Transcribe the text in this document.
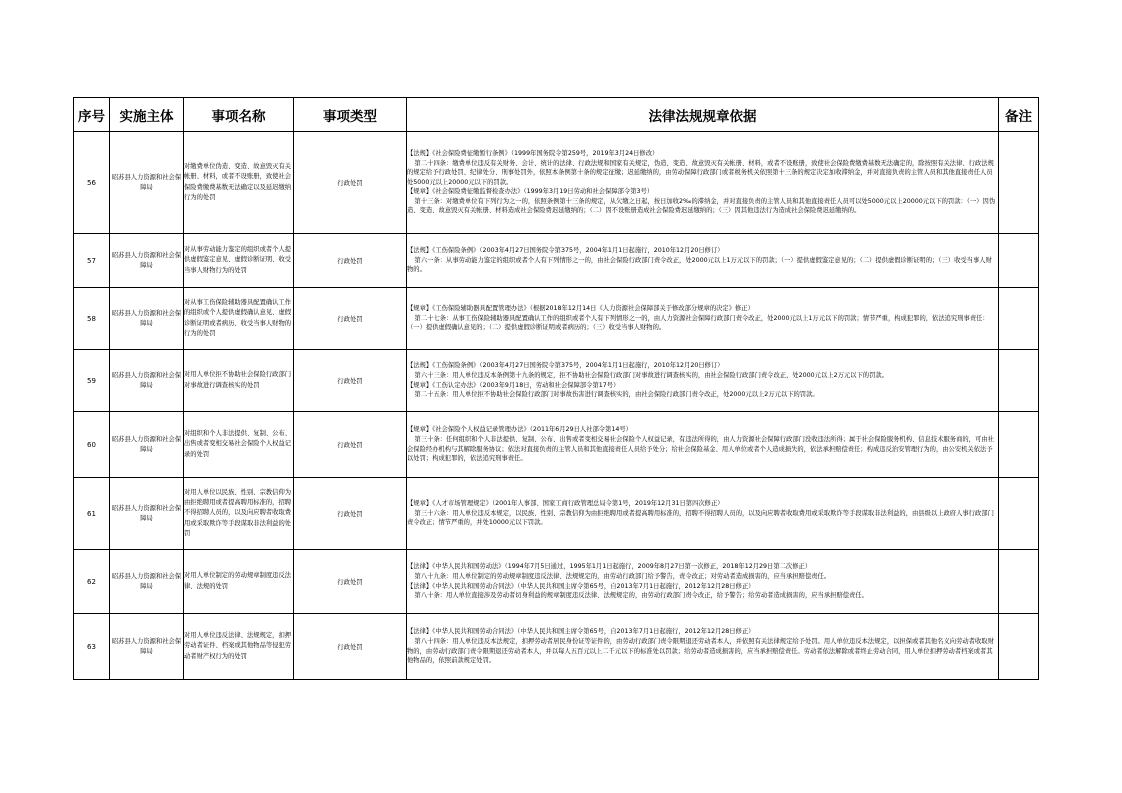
序号	实施主体	事项名称	事项类型	法律法规规章依据	备注
56	昭苏县人力资源和社会保障局	对缴费单位伪造、变造、故意毁灭有关帐册、材料，或者不设账册，致使社会保险费缴费基数无法确定以及延迟缴纳行为的处罚	行政处罚	【法规】《社会保险费征缴暂行条例》（1999年国务院令第259号，2019年3月24日修改）
第二十四条：缴费单位违反有关财务、会计、统计的法律、行政法规和国家有关规定，伪造、变造、故意毁灭有关帐册、材料，或者不设账册，致使社会保险费缴费基数无法确定的，除按照有关法律、行政法规的规定给予行政处罚、纪律处分、刑事处罚外，依照本条例第十条的规定征缴；迟延缴纳的，由劳动保障行政部门或者税务机关依照第十三条的规定决定加收滞纳金，并对直接负责的主管人员和其他直接责任人员处5000元以上20000元以下的罚款。
【规章】《社会保险费征缴监督检查办法》（1999年3月19日劳动和社会保障部令第3号）
第十三条：对缴费单位有下列行为之一的，依照条例第十三条的规定，从欠缴之日起，按日加收2‰的滞纳金，并对直接负责的主管人员和其他直接责任人员可以处5000元以上20000元以下的罚款：（一）因伪造、变造、故意毁灭有关帐册、材料造成社会保险费迟延缴纳的；（二）因不设账册造成社会保险费迟延缴纳的；（三）因其他违法行为造成社会保险费迟延缴纳的。	

57	昭苏县人力资源和社会保障局	对从事劳动能力鉴定的组织或者个人提供虚假鉴定意见、虚假诊断证明、收受当事人财物行为的处罚	行政处罚	【法规】《工伤保险条例》（2003年4月27日国务院令第375号，2004年1月1日起施行，2010年12月20日修订）
第六一条：从事劳动能力鉴定的组织或者个人有下列情形之一的，由社会保险行政部门责令改正，处2000元以上1万元以下的罚款；（一）提供虚假鉴定意见的；（二）提供虚假诊断证明的；（三）收受当事人财物的。	

58	昭苏县人力资源和社会保障局	对从事工伤保险辅助器具配置确认工作的组织或个人提供虚假确认意见、虚假诊断证明或者病历、收受当事人财物的行为的处罚	行政处罚	【规章】《工伤保险辅助器具配置管理办法》（根据2018年12月14日《人力资源社会保障部关于修改部分规章的决定》修正）
第二十七条：从事工伤保险辅助器具配置确认工作的组织或者个人有下列情形之一的，由人力资源社会保障行政部门责令改正，处2000元以上1万元以下的罚款；情节严重，构成犯罪的，依法追究刑事责任：（一）提供虚假确认意见的；（二）提供虚假诊断证明或者病历的；（三）收受当事人财物的。	

59	昭苏县人力资源和社会保障局	对用人单位拒不协助社会保险行政部门对事故进行调查核实的处罚	行政处罚	【法规】《工伤保险条例》（2003年4月27日国务院令第375号，2004年1月1日起施行，2010年12月20日修订）
第六十三条：用人单位违反本条例第十九条的规定，拒不协助社会保险行政部门对事故进行调查核实的，由社会保险行政部门责令改正，处2000元以上2万元以下的罚款。
【规章】《工伤认定办法》（2003年9月18日，劳动和社会保障部令第17号）
第二十五条：用人单位拒不协助社会保险行政部门对事故伤害进行调查核实的，由社会保险行政部门责令改正，处2000元以上2万元以下的罚款。	

60	昭苏县人力资源和社会保障局	对组织和个人非法提供、复制、公布、出售或者变相交易社会保险个人权益记录的处罚	行政处罚	【规章】《社会保险个人权益记录管理办法》（2011年6月29日人社部令第14号）
第三十条：任何组织和个人非法提供、复制、公布、出售或者变相交易社会保险个人权益记录，有违法所得的，由人力资源社会保障行政部门没收违法所得；属于社会保险服务机构、信息技术服务商的，可由社会保险经办机构与其解除服务协议；依法对直接负责的主管人员和其他直接责任人员给予处分；给社会保险基金、用人单位或者个人造成损失的，依法承担赔偿责任；构成违反治安管理行为的，由公安机关依法予以处罚；构成犯罪的，依法追究刑事责任。	

61	昭苏县人力资源和社会保障局	对用人单位以民族、性别、宗教信仰为由拒绝聘用或者提高聘用标准的，招聘不得招聘人员的，以及向应聘者收取费用或采取欺诈等手段谋取非法利益的处罚	行政处罚	【规章】《人才市场管理规定》（2001年人事部、国家工商行政管理总局令第1号，2019年12月31日第四次修正）
第三十六条：用人单位违反本规定，以民族、性别、宗教信仰为由拒绝聘用或者提高聘用标准的，招聘不得招聘人员的，以及向应聘者收取费用或采取欺诈等手段谋取非法利益的，由县级以上政府人事行政部门责令改正；情节严重的，并处10000元以下罚款。	

62	昭苏县人力资源和社会保障局	对用人单位制定的劳动规章制度违反法律、法规的处罚	行政处罚	【法律】《中华人民共和国劳动法》（1994年7月5日通过，1995年1月1日起施行，2009年8月27日第一次修正，2018年12月29日第二次修正）
第八十九条：用人单位制定的劳动规章制度违反法律、法规规定的，由劳动行政部门给予警告，责令改正；对劳动者造成损害的，应当承担赔偿责任。
【法律】《中华人民共和国劳动合同法》（中华人民共和国主席令第65号，自2013年7月1日起施行，2012年12月28日修正）
第八十条：用人单位直接涉及劳动者切身利益的规章制度违反法律、法规规定的，由劳动行政部门责令改正，给予警告；给劳动者造成损害的，应当承担赔偿责任。	

63	昭苏县人力资源和社会保障局	对用人单位违反法律、法规规定，扣押劳动者证件、档案或其他物品等侵犯劳动者财产权行为的处罚	行政处罚	【法律】《中华人民共和国劳动合同法》（中华人民共和国主席令第65号，自2013年7月1日起施行，2012年12月28日修正）
第八十四条：用人单位违反本法规定，扣押劳动者居民身份证等证件的，由劳动行政部门责令限期退还劳动者本人，并依照有关法律规定给予处罚。用人单位违反本法规定，以担保或者其他名义向劳动者收取财物的，由劳动行政部门责令限期退还劳动者本人，并以每人五百元以上二千元以下的标准处以罚款；给劳动者造成损害的，应当承担赔偿责任。劳动者依法解除或者终止劳动合同，用人单位扣押劳动者档案或者其他物品的，依照前款规定处罚。	
